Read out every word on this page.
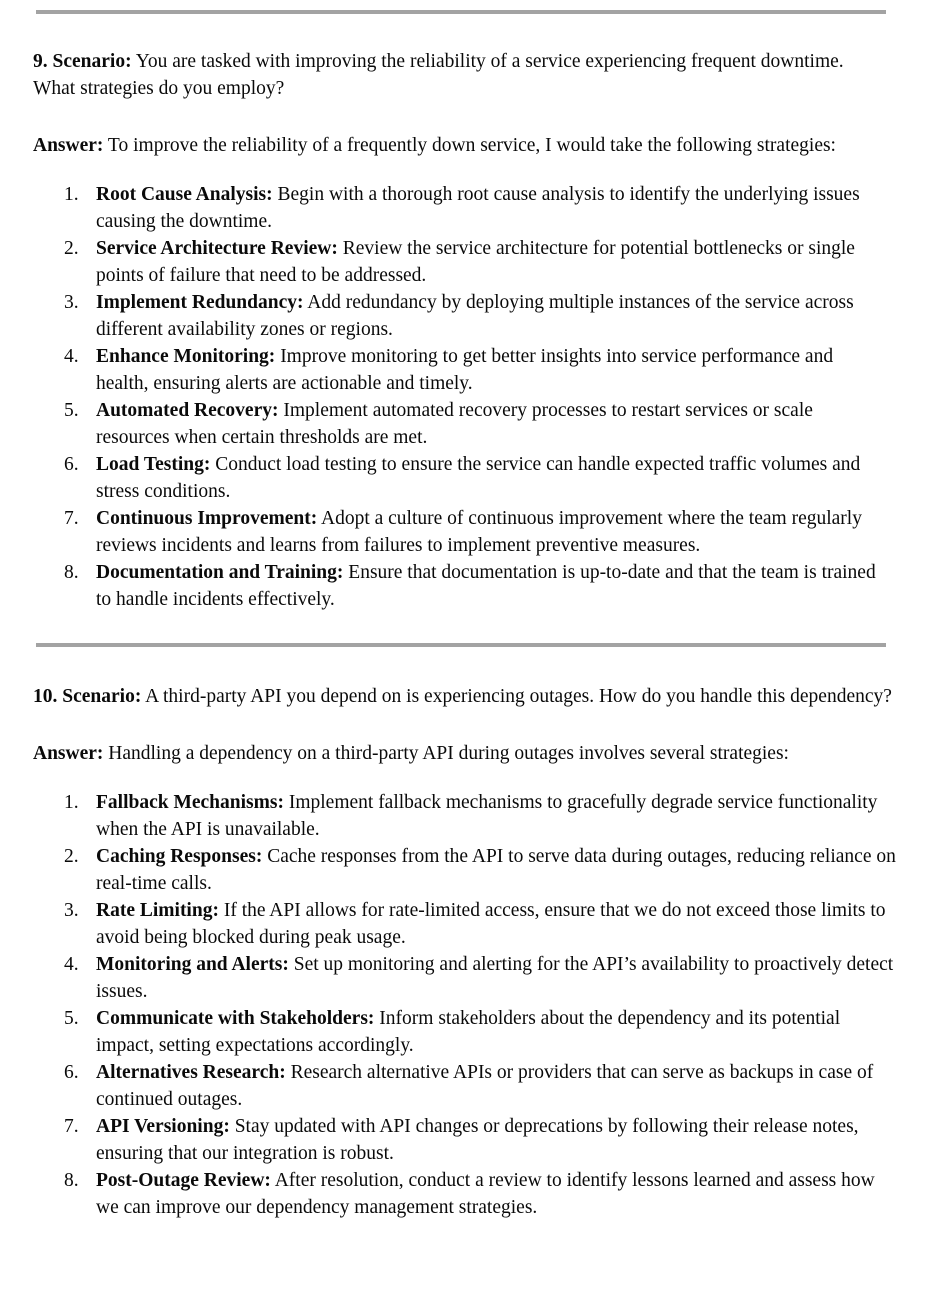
9. Scenario: You are tasked with improving the reliability of a service experiencing frequent downtime. What strategies do you employ?

Answer: To improve the reliability of a frequently down service, I would take the following strategies:

Root Cause Analysis: Begin with a thorough root cause analysis to identify the underlying issues causing the downtime.
Service Architecture Review: Review the service architecture for potential bottlenecks or single points of failure that need to be addressed.
Implement Redundancy: Add redundancy by deploying multiple instances of the service across different availability zones or regions.
Enhance Monitoring: Improve monitoring to get better insights into service performance and health, ensuring alerts are actionable and timely.
Automated Recovery: Implement automated recovery processes to restart services or scale resources when certain thresholds are met.
Load Testing: Conduct load testing to ensure the service can handle expected traffic volumes and stress conditions.
Continuous Improvement: Adopt a culture of continuous improvement where the team regularly reviews incidents and learns from failures to implement preventive measures.
Documentation and Training: Ensure that documentation is up-to-date and that the team is trained to handle incidents effectively.

10. Scenario: A third-party API you depend on is experiencing outages. How do you handle this dependency?

Answer: Handling a dependency on a third-party API during outages involves several strategies:

Fallback Mechanisms: Implement fallback mechanisms to gracefully degrade service functionality when the API is unavailable.
Caching Responses: Cache responses from the API to serve data during outages, reducing reliance on real-time calls.
Rate Limiting: If the API allows for rate-limited access, ensure that we do not exceed those limits to avoid being blocked during peak usage.
Monitoring and Alerts: Set up monitoring and alerting for the API’s availability to proactively detect issues.
Communicate with Stakeholders: Inform stakeholders about the dependency and its potential impact, setting expectations accordingly.
Alternatives Research: Research alternative APIs or providers that can serve as backups in case of continued outages.
API Versioning: Stay updated with API changes or deprecations by following their release notes, ensuring that our integration is robust.
Post-Outage Review: After resolution, conduct a review to identify lessons learned and assess how we can improve our dependency management strategies.
